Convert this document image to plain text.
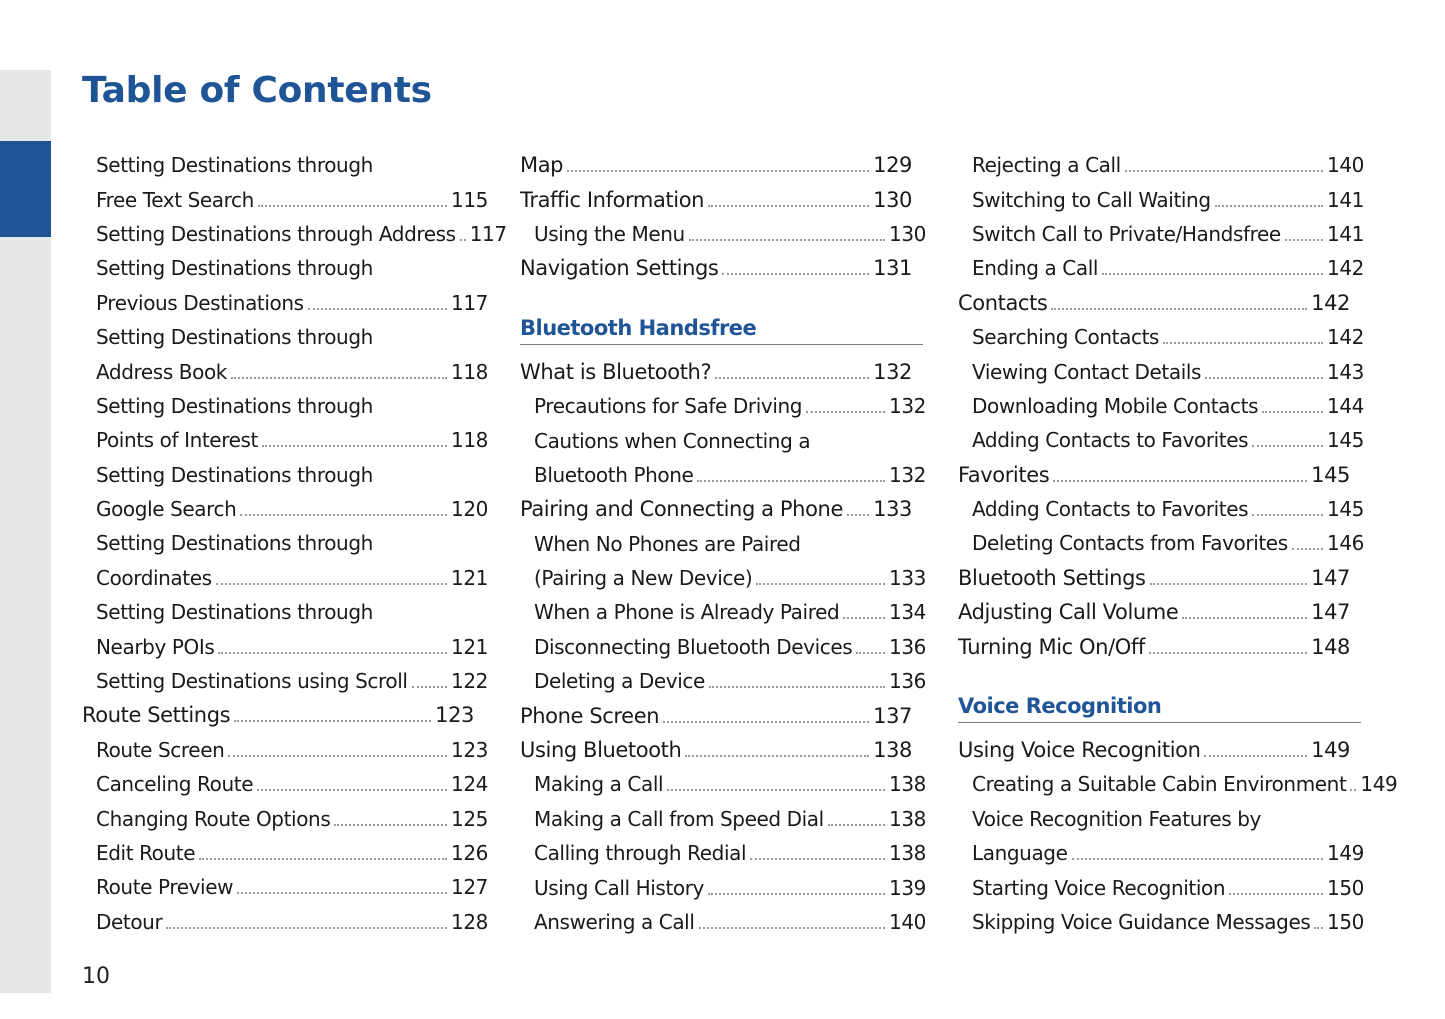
Table of Contents
Setting Destinations through
Free Text Search	115
Setting Destinations through Address 117
Setting Destinations through
Previous Destinations	117
Setting Destinations through
Address Book	118
Setting Destinations through
Points of Interest	118
Setting Destinations through
Google Search	120
Setting Destinations through
Coordinates	121
Setting Destinations through
Nearby POIs	121
Setting Destinations using Scroll 122
Route Settings	123
Route Screen	123
Canceling Route	124
Changing Route Options	125
Edit Route	126
Route Preview	127
Detour	128
Map	129
Traffic Information	130
Using the Menu	130
Navigation Settings	131
Bluetooth Handsfree
What is Bluetooth?	132
Precautions for Safe Driving	132
Cautions when Connecting a
Bluetooth Phone	132
Pairing and Connecting a Phone 133
When No Phones are Paired
(Pairing a New Device)	133
When a Phone is Already Paired 134
Disconnecting Bluetooth Devices 136
Deleting a Device	136
Phone Screen	137
Using Bluetooth	138
Making a Call	138
Making a Call from Speed Dial	138
Calling through Redial	138
Using Call History	139
Answering a Call	140
Rejecting a Call	140
Switching to Call Waiting	141
Switch Call to Private/Handsfree 141
Ending a Call	142
Contacts	142
Searching Contacts	142
Viewing Contact Details	143
Downloading Mobile Contacts	144
Adding Contacts to Favorites	145
Favorites	145
Adding Contacts to Favorites	145
Deleting Contacts from Favorites 146
Bluetooth Settings	147
Adjusting Call Volume	147
Turning Mic On/Off	148
Voice Recognition
Using Voice Recognition	149
Creating a Suitable Cabin Environment 149
Voice Recognition Features by
Language	149
Starting Voice Recognition	150
Skipping Voice Guidance Messages 150
10
